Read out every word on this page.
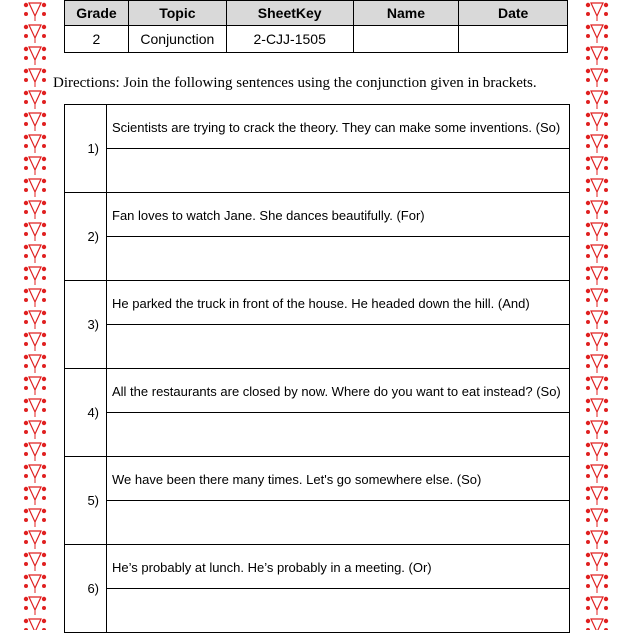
Grade	Topic	SheetKey	Name	Date
2	Conjunction	2-CJJ-1505		
Directions: Join the following sentences using the conjunction given in brackets.
1)
Scientists are trying to crack the theory. They can make some inventions. (So)
2)
Fan loves to watch Jane. She dances beautifully. (For)
3)
He parked the truck in front of the house. He headed down the hill. (And)
4)
All the restaurants are closed by now. Where do you want to eat instead? (So)
5)
We have been there many times. Let's go somewhere else. (So)
6)
He’s probably at lunch. He’s probably in a meeting. (Or)
